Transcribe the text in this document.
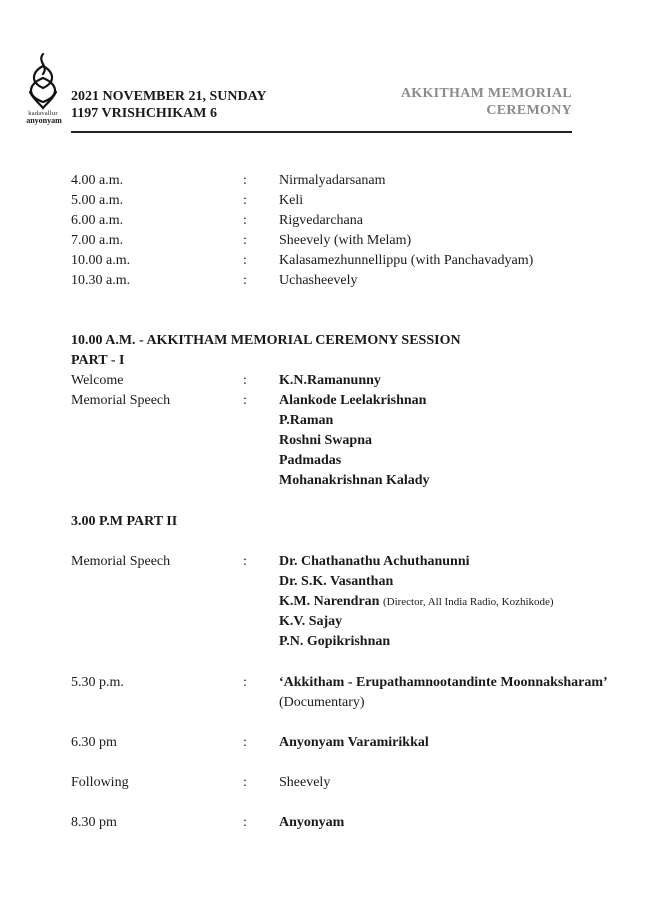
kadavallur
anyonyam
2021 NOVEMBER 21, SUNDAY
1197 VRISHCHIKAM 6
AKKITHAM MEMORIAL
CEREMONY
4.00 a.m.	: Nirmalyadarsanam
5.00 a.m.	: Keli
6.00 a.m.	: Rigvedarchana
7.00 a.m.	: Sheevely (with Melam)
10.00 a.m.	: Kalasamezhunnellippu (with Panchavadyam)
10.30 a.m.	: Uchasheevely
10.00 A.M. - AKKITHAM MEMORIAL CEREMONY SESSION
PART - I
Welcome	: K.N.Ramanunny
Memorial Speech	: Alankode Leelakrishnan
P.Raman
Roshni Swapna
Padmadas
Mohanakrishnan Kalady
3.00 P.M PART II
Memorial Speech	: Dr. Chathanathu Achuthanunni
Dr. S.K. Vasanthan
K.M. Narendran (Director, All India Radio, Kozhikode)
K.V. Sajay
P.N. Gopikrishnan
5.30 p.m.	: ‘Akkitham - Erupathamnootandinte Moonnaksharam’
(Documentary)
6.30 pm	: Anyonyam Varamirikkal
Following	: Sheevely
8.30 pm	: Anyonyam
